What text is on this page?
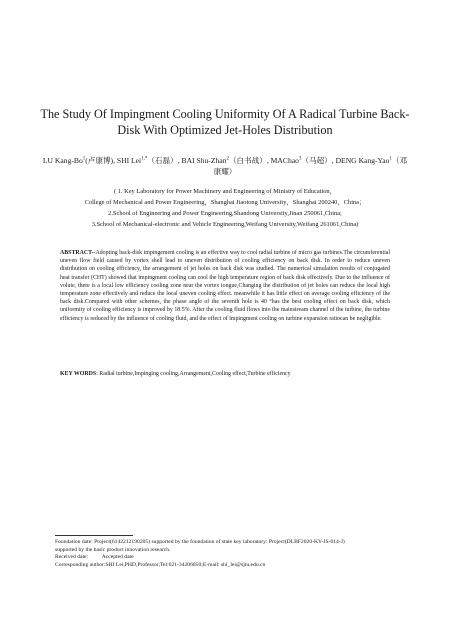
The Study Of Impingment Cooling Uniformity Of A Radical Turbine Back-Disk With Optimized Jet-Holes Distribution
LU Kang-Bo$^1$(卢康博), SHI Lei$^{1,*}$（石磊）, BAI Shu-Zhan$^2$（白书战）, MAChao$^3$（马超）, DENG Kang-Yao$^1$（邓康耀）
( 1. Key Laboratory for Power Machinery and Engineering of Ministry of Education，
College of Mechanical and Power Engineering，Shanghai Jiaotong University，Shanghai 200240，China；
2.School of Engineering and Power Engineering,Shandong University,Jinan 250061,China;
3.School of Mechanical-electronic and Vehicle Engineering,Weifang University,Weifang 261061,China)
ABSTRACT--Adopting back-disk impingement cooling is an effective way to cool radial turbine of micro gas turbines.The circumferential uneven flow field caused by vortex shell lead to uneven distribution of cooling efficiency on back disk. In order to reduce uneven distribution on cooling efficiency, the arrangement of jet holes on back disk was studied. The numerical simulation results of conjugated heat transfer (CHT) showed that impingment cooling can cool the high temperature region of back disk effectively. Due to the influence of volute, there is a local low efficiency cooling zone near the vortex tongue,Changing the distribution of jet holes can reduce the local high temperature zone effectively and reduce the local uneven cooling effect. meanwhile it has little effect on average cooling efficiency of the back disk.Compared with other schemes, the phase angle of the seventh hole is 40 °has the best cooling effect on back disk, which uniformity of cooling efficiency is improved by 18.5%. After the cooling fluid flows into the mainstream channel of the turbine, the turbine efficiency is reduced by the influence of cooling fluid, and the effect of impingment cooling on turbine expansion ratiocan be negligible.
KEY WORDS: Radial turbine,Impinging cooling,Arrangement,Cooling effect,Turbine efficiency
Foundation date: Project(6142212190205) supported by the foundation of state key laboratory: Project(DLBF2020-KY-JS-014-J)
supported by the basic product innovation research.
Received date:          Accepted date
Corresponding author:SHI Lei,PHD,Professor;Tel:021-34206850;E-mail: shi_lei@sjtu.edu.cn
